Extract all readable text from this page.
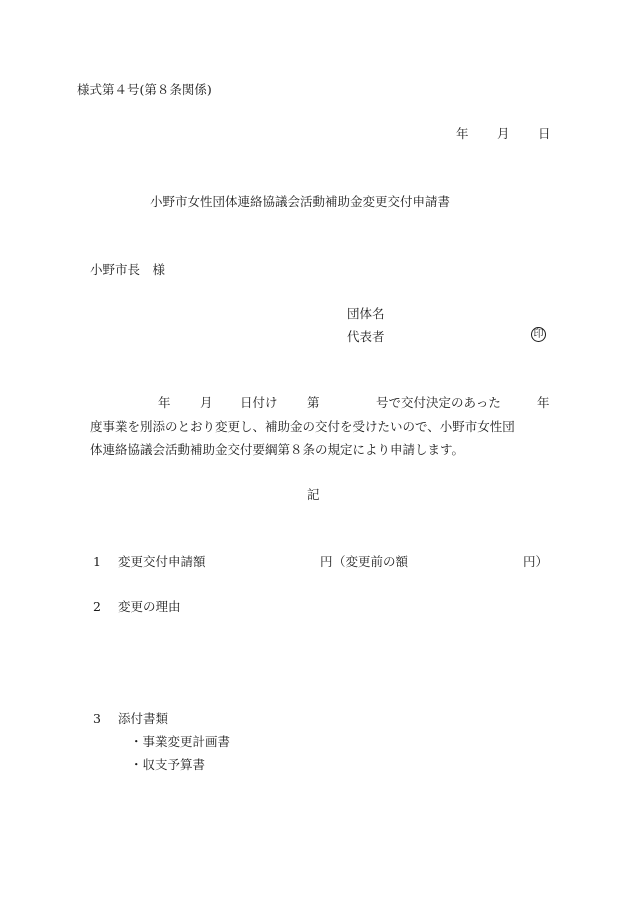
様式第４号(第８条関係)
年 月 日
小野市女性団体連絡協議会活動補助金変更交付申請書
小野市長　様
団体名
代表者	印
年 月 日付け 第	号で交付決定のあった	年
度事業を別添のとおり変更し、補助金の交付を受けたいので、小野市女性団
体連絡協議会活動補助金交付要綱第８条の規定により申請します。
記
1 変更交付申請額	円 （変更前の額	円）
2 変更の理由
3 添付書類
・事業変更計画書
・収支予算書
